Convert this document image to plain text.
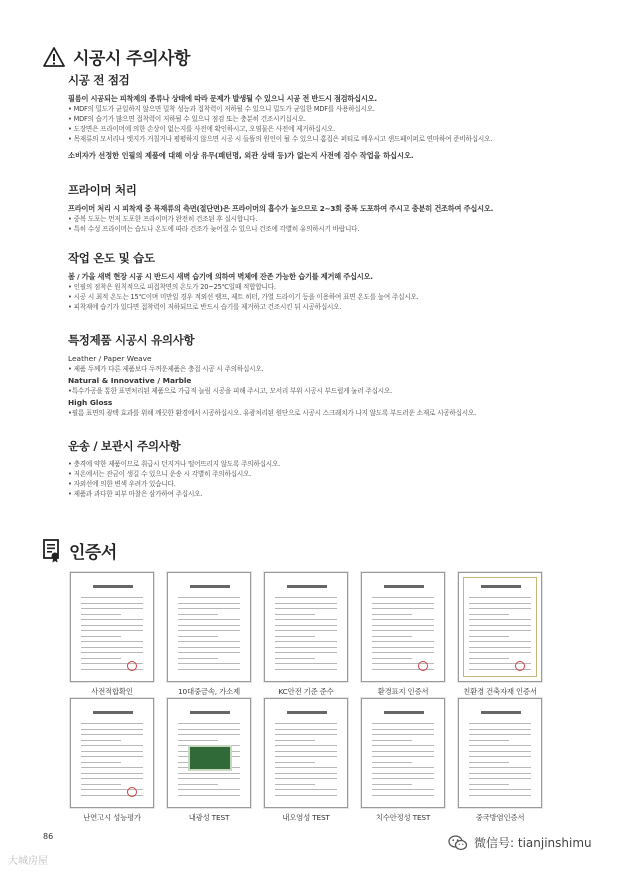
시공시 주의사항
시공 전 점검
필름이 시공되는 피착제의 종류나 상태에 따라 문제가 발생될 수 있으니 시공 전 반드시 점검하십시오.
• MDF의 밀도가 균일하지 않으면 밀착 성능과 접착력이 저하될 수 있으니 밀도가 균일한 MDF를 사용하십시오.
• MDF의 습기가 많으면 접착력이 저하될 수 있으니 점검 또는 충분히 건조시키십시오.
• 도장면은 프라이머에 의한 손상이 없는지를 사전에 확인하시고, 오염물은 사전에 제거하십시오.
• 목재류의 모서리나 엣지가 거칠거나 평평하지 않으면 시공 시 들뜸의 원인이 될 수 있으니 홈집은 퍼티로 메우시고 샌드페이퍼로 연마하여 준비하십시오.
소비자가 선정한 인필의 제품에 대해 이상 유무(패턴명, 외관 상태 등)가 없는지 사전에 검수 작업을 하십시오.
프라이머 처리
프라이머 처리 시 피착재 중 목재류의 측면(절단면)은 프라이머의 흡수가 높으므로 2~3회 중복 도포하여 주시고 충분히 건조하여 주십시오.
• 중복 도포는 먼저 도포한 프라이머가 완전히 건조된 후 실시합니다.
• 특히 수성 프라이머는 습도나 온도에 따라 건조가 늦어질 수 있으니 건조에 각별히 유의하시기 바랍니다.
작업 온도 및 습도
봄 / 가을 새벽 현장 시공 시 반드시 새벽 습기에 의하여 벽체에 잔존 가능한 습기를 제거해 주십시오.
• 인필의 점착은 원칙적으로 피접착면의 온도가 20~25℃일때 적합합니다.
• 시공 시 최적 온도는 15℃이며 미만일 경우 적외선 램프, 제트 히터, 가열 드라이기 등을 이용하여 표면 온도를 높여 주십시오.
• 피착재에 습기가 있다면 접착력이 저하되므로 반드시 습기를 제거하고 건조시킨 뒤 시공하십시오.
특정제품 시공시 유의사항
Leather / Paper Weave
• 제품 두께가 다른 제품보다 두꺼운제품은 충접 시공 시 주의하십시오.
Natural & Innovative / Marble
•특수가공을 통한 표면처리된 제품으로 가급적 늘림 시공을 피해 주시고, 모서리 부위 시공시 부드럽게 눌러 주십시오.
High Gloss
•필름 표면의 광택 효과를 위해 깨끗한 환경에서 시공하십시오. 유광처리된 원단으로 시공시 스크래치가 나지 않도록 부드러운 소재로 시공하십시오.
운송 / 보관시 주의사항
• 충격에 약한 제품이므로 취급시 던지거나 떨어뜨리지 않도록 주의하십시오.
• 저온에서는 잔금이 생길 수 있으니 운송 시 각별히 주의하십시오.
• 자외선에 의한 변색 우려가 있습니다.
• 제품과 과다한 피부 마찰은 삼가하여 주십시오.
인증서
사전적합확인	10대중금속, 가소제	KC안전 기준 준수	환경표지 인증서	친환경 건축자재 인증서
난연고시 성능평가	내광성 TEST	내오염성 TEST	치수안정성 TEST	중국방염인증서
86
大城房屋
微信号: tianjinshimu
